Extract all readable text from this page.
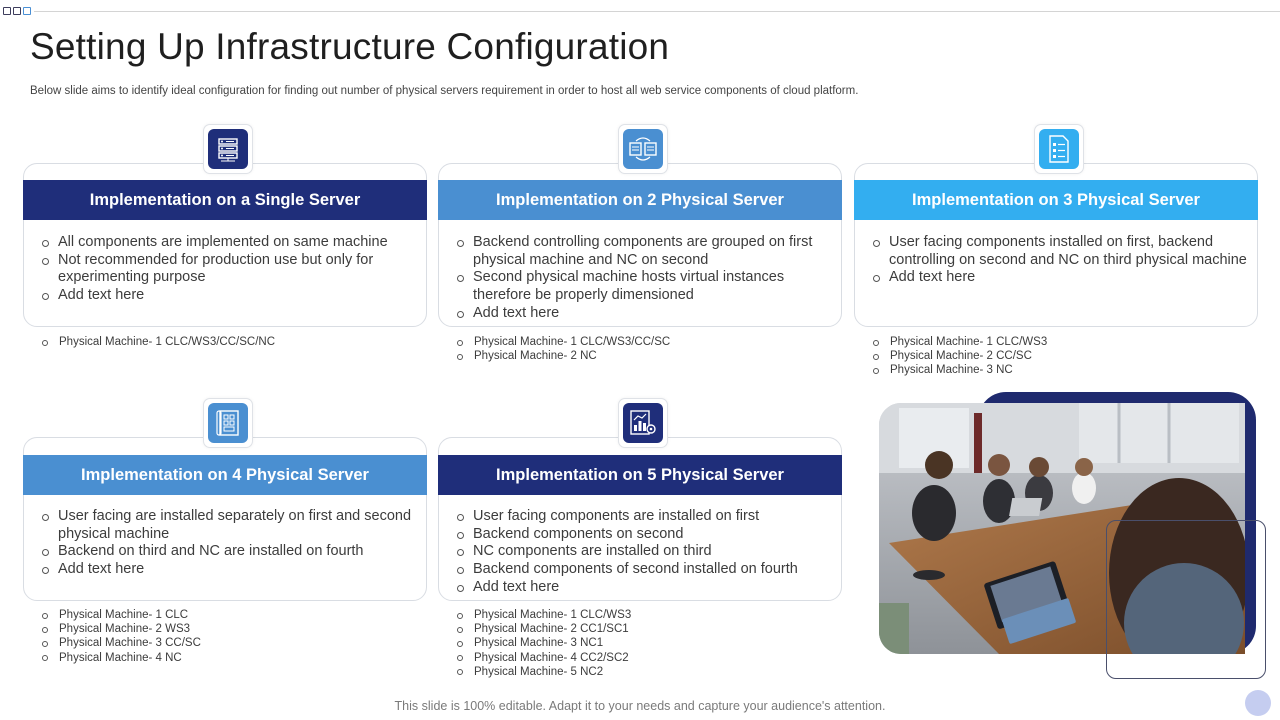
Setting Up Infrastructure Configuration

Below slide aims to identify ideal configuration for finding out number of physical servers requirement in order to host all web service components of cloud platform.

Implementation on a Single Server
All components are implemented on same machine
Not recommended for production use but only for experimenting purpose
Add text here
Physical Machine- 1 CLC/WS3/CC/SC/NC
Implementation on 2 Physical Server
Backend controlling components are grouped on first physical machine and NC on second
Second physical machine hosts virtual instances therefore be properly dimensioned
Add text here
Physical Machine- 1 CLC/WS3/CC/SC
Physical Machine- 2 NC
Implementation on 3 Physical Server
User facing components installed on first, backend controlling on second and NC on third physical machine
Add text here
Physical Machine- 1 CLC/WS3
Physical Machine- 2 CC/SC
Physical Machine- 3 NC
Implementation on 4 Physical Server
User facing are installed separately on first and second physical machine
Backend on third and NC are installed on fourth
Add text here
Physical Machine- 1 CLC
Physical Machine- 2 WS3
Physical Machine- 3 CC/SC
Physical Machine- 4 NC
Implementation on 5 Physical Server
User facing components are installed on first
Backend components on second
NC components are installed on third
Backend components of second installed on fourth
Add text here
Physical Machine- 1 CLC/WS3
Physical Machine- 2 CC1/SC1
Physical Machine- 3 NC1
Physical Machine- 4 CC2/SC2
Physical Machine- 5 NC2

This slide is 100% editable. Adapt it to your needs and capture your audience's attention.
